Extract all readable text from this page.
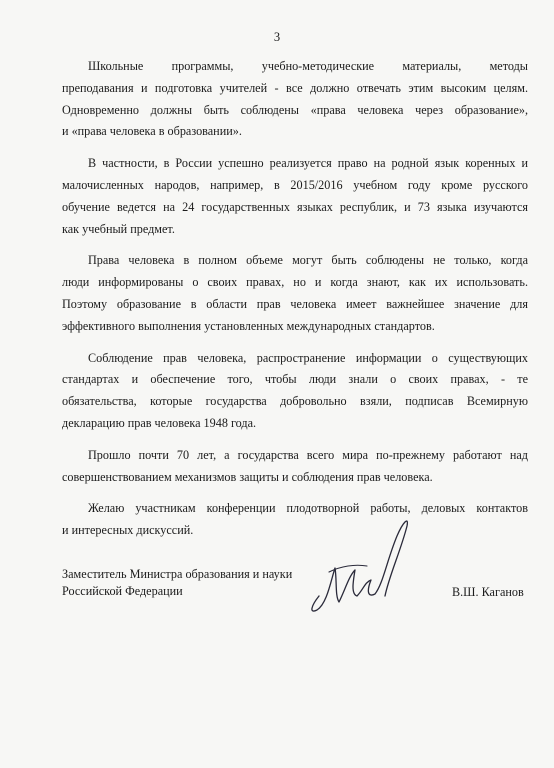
3

Школьные программы, учебно-методические материалы, методы
преподавания и подготовка учителей - все должно отвечать этим высоким целям.
Одновременно должны быть соблюдены «права человека через образование»,
и «права человека в образовании».

В частности, в России успешно реализуется право на родной язык коренных и
малочисленных народов, например, в 2015/2016 учебном году кроме русского
обучение ведется на 24 государственных языках республик, и 73 языка изучаются
как учебный предмет.

Права человека в полном объеме могут быть соблюдены не только, когда
люди информированы о своих правах, но и когда знают, как их использовать.
Поэтому образование в области прав человека имеет важнейшее значение для
эффективного выполнения установленных международных стандартов.

Соблюдение прав человека, распространение информации о существующих
стандартах и обеспечение того, чтобы люди знали о своих правах, - те
обязательства, которые государства добровольно взяли, подписав Всемирную
декларацию прав человека 1948 года.

Прошло почти 70 лет, а государства всего мира по-прежнему работают над
совершенствованием механизмов защиты и соблюдения прав человека.

Желаю участникам конференции плодотворной работы, деловых контактов
и интересных дискуссий.

Заместитель Министра образования и науки
Российской Федерации	В.Ш. Каганов
